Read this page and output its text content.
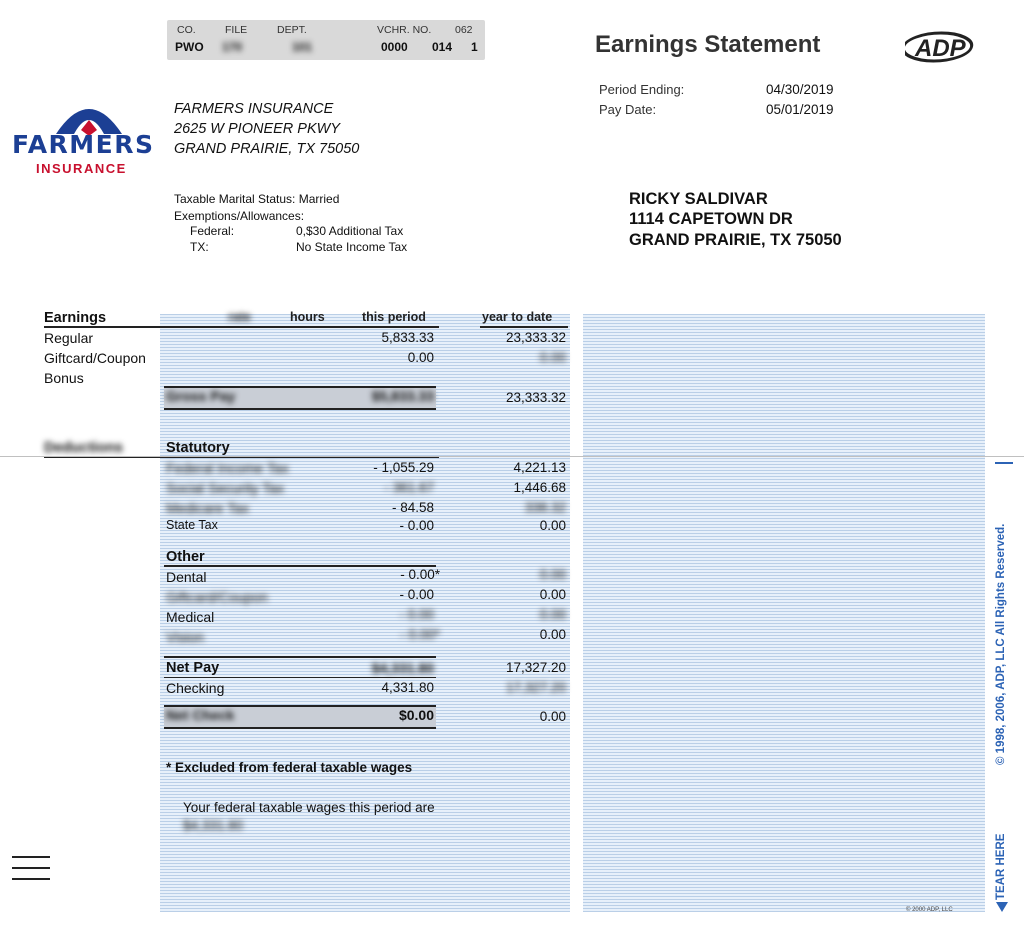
CO.	FILE	DEPT.	VCHR. NO. 062
PWO 170	101	0000 014 1
FARMERS
INSURANCE
FARMERS INSURANCE
2625 W PIONEER PKWY
GRAND PRAIRIE, TX 75050
Earnings Statement	ADP
Period Ending:	04/30/2019
Pay Date:	05/01/2019
Taxable Marital Status: Married
Exemptions/Allowances:
Federal:	0,$30 Additional Tax
TX:	No State Income Tax
RICKY SALDIVAR
1114 CAPETOWN DR
GRAND PRAIRIE, TX 75050
Earnings	rate	hours	this period	year to date
Regular	5,833.33	23,333.32
Giftcard/Coupon	0.00	0.00
Bonus
Gross Pay	$5,833.33	23,333.32
Deductions	Statutory
Federal Income Tax	- 1,055.29	4,221.13
Social Security Tax	- 361.67	1,446.68
Medicare Tax	- 84.58	338.32
State Tax	- 0.00	0.00
Other
Dental	- 0.00*	0.00
Giftcard/Coupon	- 0.00	0.00
Medical	- 0.00	0.00
Vision	- 0.00*	0.00
Net Pay	$4,331.80	17,327.20
Checking	4,331.80	17,327.20
Net Check	$0.00	0.00
* Excluded from federal taxable wages
Your federal taxable wages this period are
$4,331.80
© 1998, 2006, ADP, LLC All Rights Reserved.
TEAR HERE
© 2000 ADP, LLC
